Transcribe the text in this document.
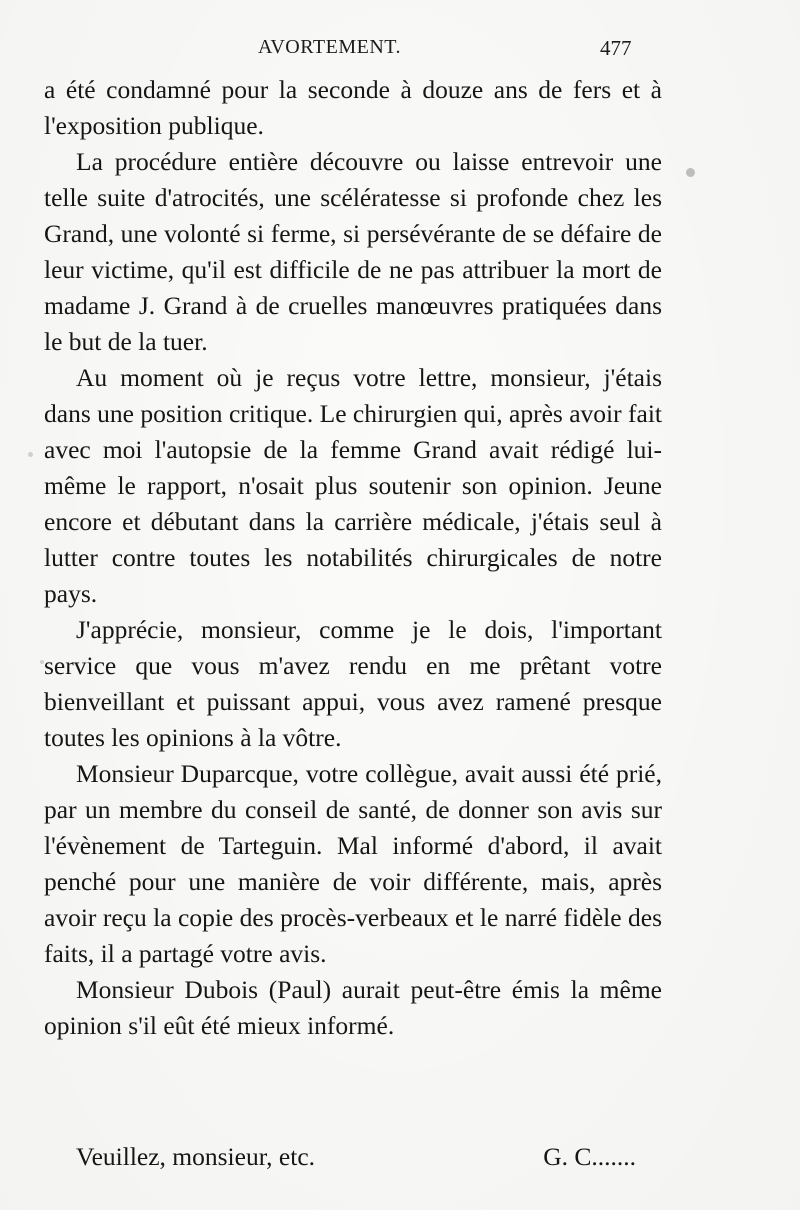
AVORTEMENT.	477

a été condamné pour la seconde à douze ans de fers et à l'exposition publique.

La procédure entière découvre ou laisse entrevoir une telle suite d'atrocités, une scélératesse si profonde chez les Grand, une volonté si ferme, si persévérante de se défaire de leur victime, qu'il est difficile de ne pas attribuer la mort de madame J. Grand à de cruelles manœuvres pratiquées dans le but de la tuer.

Au moment où je reçus votre lettre, monsieur, j'étais dans une position critique. Le chirurgien qui, après avoir fait avec moi l'autopsie de la femme Grand avait rédigé lui-même le rapport, n'osait plus soutenir son opinion. Jeune encore et débutant dans la carrière médicale, j'étais seul à lutter contre toutes les notabilités chirurgicales de notre pays.

J'apprécie, monsieur, comme je le dois, l'important service que vous m'avez rendu en me prêtant votre bienveillant et puissant appui, vous avez ramené presque toutes les opinions à la vôtre.

Monsieur Duparcque, votre collègue, avait aussi été prié, par un membre du conseil de santé, de donner son avis sur l'évènement de Tarteguin. Mal informé d'abord, il avait penché pour une manière de voir différente, mais, après avoir reçu la copie des procès-verbeaux et le narré fidèle des faits, il a partagé votre avis.

Monsieur Dubois (Paul) aurait peut-être émis la même opinion s'il eût été mieux informé.

Veuillez, monsieur, etc.	G. C.......
